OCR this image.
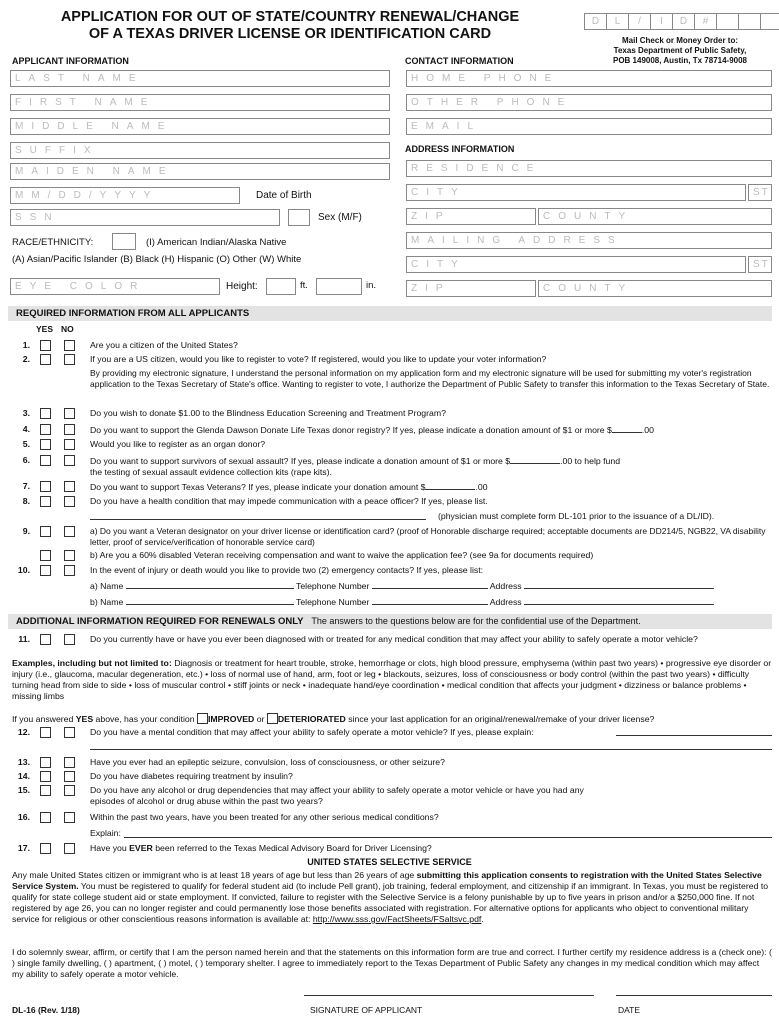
APPLICATION FOR OUT OF STATE/COUNTRY RENEWAL/CHANGE
OF A TEXAS DRIVER LICENSE OR IDENTIFICATION CARD
D	L	/	I	D	#
Mail Check or Money Order to:
Texas Department of Public Safety,
POB 149008, Austin, Tx 78714-9008
APPLICANT INFORMATION	CONTACT INFORMATION
LAST NAME
FIRST NAME
MIDDLE NAME
SUFFIX
MAIDEN NAME
MM/DD/YYYY	Date of Birth
SSN	Sex (M/F)
RACE/ETHNICITY:	(I) American Indian/Alaska Native
(A) Asian/Pacific Islander (B) Black (H) Hispanic (O) Other (W) White
EYE COLOR	Height:	ft.	in.
HOME PHONE
OTHER PHONE
EMAIL
ADDRESS INFORMATION
RESIDENCE
CITY	ST
ZIP	COUNTY
MAILING ADDRESS
CITY	ST
ZIP	COUNTY
REQUIRED INFORMATION FROM ALL APPLICANTS
YES NO
1.	Are you a citizen of the United States?
2.	If you are a US citizen, would you like to register to vote? If registered, would you like to update your voter information?
By providing my electronic signature, I understand the personal information on my application form and my electronic signature will be used for submitting my voter's registration application to the Texas Secretary of State's office. Wanting to register to vote, I authorize the Department of Public Safety to transfer this information to the Texas Secretary of State.
3.	Do you wish to donate $1.00 to the Blindness Education Screening and Treatment Program?
4.	Do you want to support the Glenda Dawson Donate Life Texas donor registry? If yes, please indicate a donation amount of $1 or more $	.00
5.	Would you like to register as an organ donor?
6.	Do you want to support survivors of sexual assault? If yes, please indicate a donation amount of $1 or more $	.00 to help fund
the testing of sexual assault evidence collection kits (rape kits).
7.	Do you want to support Texas Veterans? If yes, please indicate your donation amount $	.00
8.	Do you have a health condition that may impede communication with a peace officer? If yes, please list.
(physician must complete form DL-101 prior to the issuance of a DL/ID).
9.	a) Do you want a Veteran designator on your driver license or identification card? (proof of Honorable discharge required; acceptable documents are DD214/5, NGB22, VA disability letter, proof of service/verification of honorable service card)
b) Are you a 60% disabled Veteran receiving compensation and want to waive the application fee? (see 9a for documents required)
10.	In the event of injury or death would you like to provide two (2) emergency contacts? If yes, please list:
a) Name	Telephone Number	Address
b) Name	Telephone Number	Address
ADDITIONAL INFORMATION REQUIRED FOR RENEWALS ONLY The answers to the questions below are for the confidential use of the Department.
11.	Do you currently have or have you ever been diagnosed with or treated for any medical condition that may affect your ability to safely operate a motor vehicle?
Examples, including but not limited to: Diagnosis or treatment for heart trouble, stroke, hemorrhage or clots, high blood pressure, emphysema (within past two years) • progressive eye disorder or injury (i.e., glaucoma, macular degeneration, etc.) • loss of normal use of hand, arm, foot or leg • blackouts, seizures, loss of consciousness or body control (within the past two years) • difficulty turning head from side to side • loss of muscular control • stiff joints or neck • inadequate hand/eye coordination • medical condition that affects your judgment • dizziness or balance problems • missing limbs
If you answered YES above, has your condition IMPROVED or DETERIORATED since your last application for an original/renewal/remake of your driver license?
12.	Do you have a mental condition that may affect your ability to safely operate a motor vehicle? If yes, please explain:
13.	Have you ever had an epileptic seizure, convulsion, loss of consciousness, or other seizure?
14.	Do you have diabetes requiring treatment by insulin?
15.	Do you have any alcohol or drug dependencies that may affect your ability to safely operate a motor vehicle or have you had any episodes of alcohol or drug abuse within the past two years?
16.	Within the past two years, have you been treated for any other serious medical conditions?
Explain:
17.	Have you EVER been referred to the Texas Medical Advisory Board for Driver Licensing?
UNITED STATES SELECTIVE SERVICE
Any male United States citizen or immigrant who is at least 18 years of age but less than 26 years of age submitting this application consents to registration with the United States Selective Service System. You must be registered to qualify for federal student aid (to include Pell grant), job training, federal employment, and citizenship if an immigrant. In Texas, you must be registered to qualify for state college student aid or state employment. If convicted, failure to register with the Selective Service is a felony punishable by up to five years in prison and/or a $250,000 fine. If not registered by age 26, you can no longer register and could permanently lose those benefits associated with registration. For alternative options for applicants who object to conventional military service for religious or other conscientious reasons information is available at: http://www.sss.gov/FactSheets/FSaltsvc.pdf.
I do solemnly swear, affirm, or certify that I am the person named herein and that the statements on this information form are true and correct. I further certify my residence address is a (check one): ( ) single family dwelling, ( ) apartment, ( ) motel, ( ) temporary shelter. I agree to immediately report to the Texas Department of Public Safety any changes in my medical condition which may affect my ability to safely operate a motor vehicle.
DL-16 (Rev. 1/18)	SIGNATURE OF APPLICANT	DATE
